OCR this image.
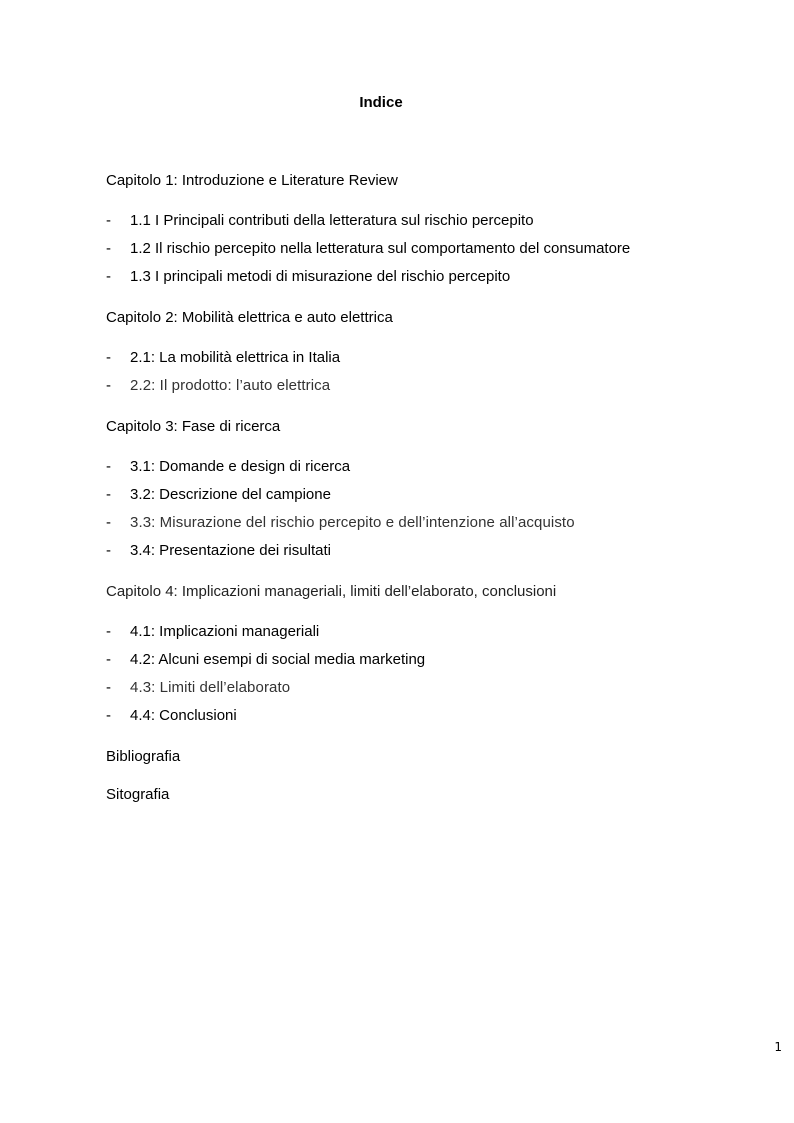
Indice
Capitolo 1: Introduzione e Literature Review
- 1.1 I Principali contributi della letteratura sul rischio percepito
- 1.2 Il rischio percepito nella letteratura sul comportamento del consumatore
- 1.3 I principali metodi di misurazione del rischio percepito
Capitolo 2: Mobilità elettrica e auto elettrica
- 2.1: La mobilità elettrica in Italia
- 2.2: Il prodotto: l’auto elettrica
Capitolo 3: Fase di ricerca
- 3.1: Domande e design di ricerca
- 3.2: Descrizione del campione
- 3.3: Misurazione del rischio percepito e dell’intenzione all’acquisto
- 3.4: Presentazione dei risultati
Capitolo 4: Implicazioni manageriali, limiti dell’elaborato, conclusioni
- 4.1: Implicazioni manageriali
- 4.2: Alcuni esempi di social media marketing
- 4.3: Limiti dell’elaborato
- 4.4: Conclusioni
Bibliografia
Sitografia
1
